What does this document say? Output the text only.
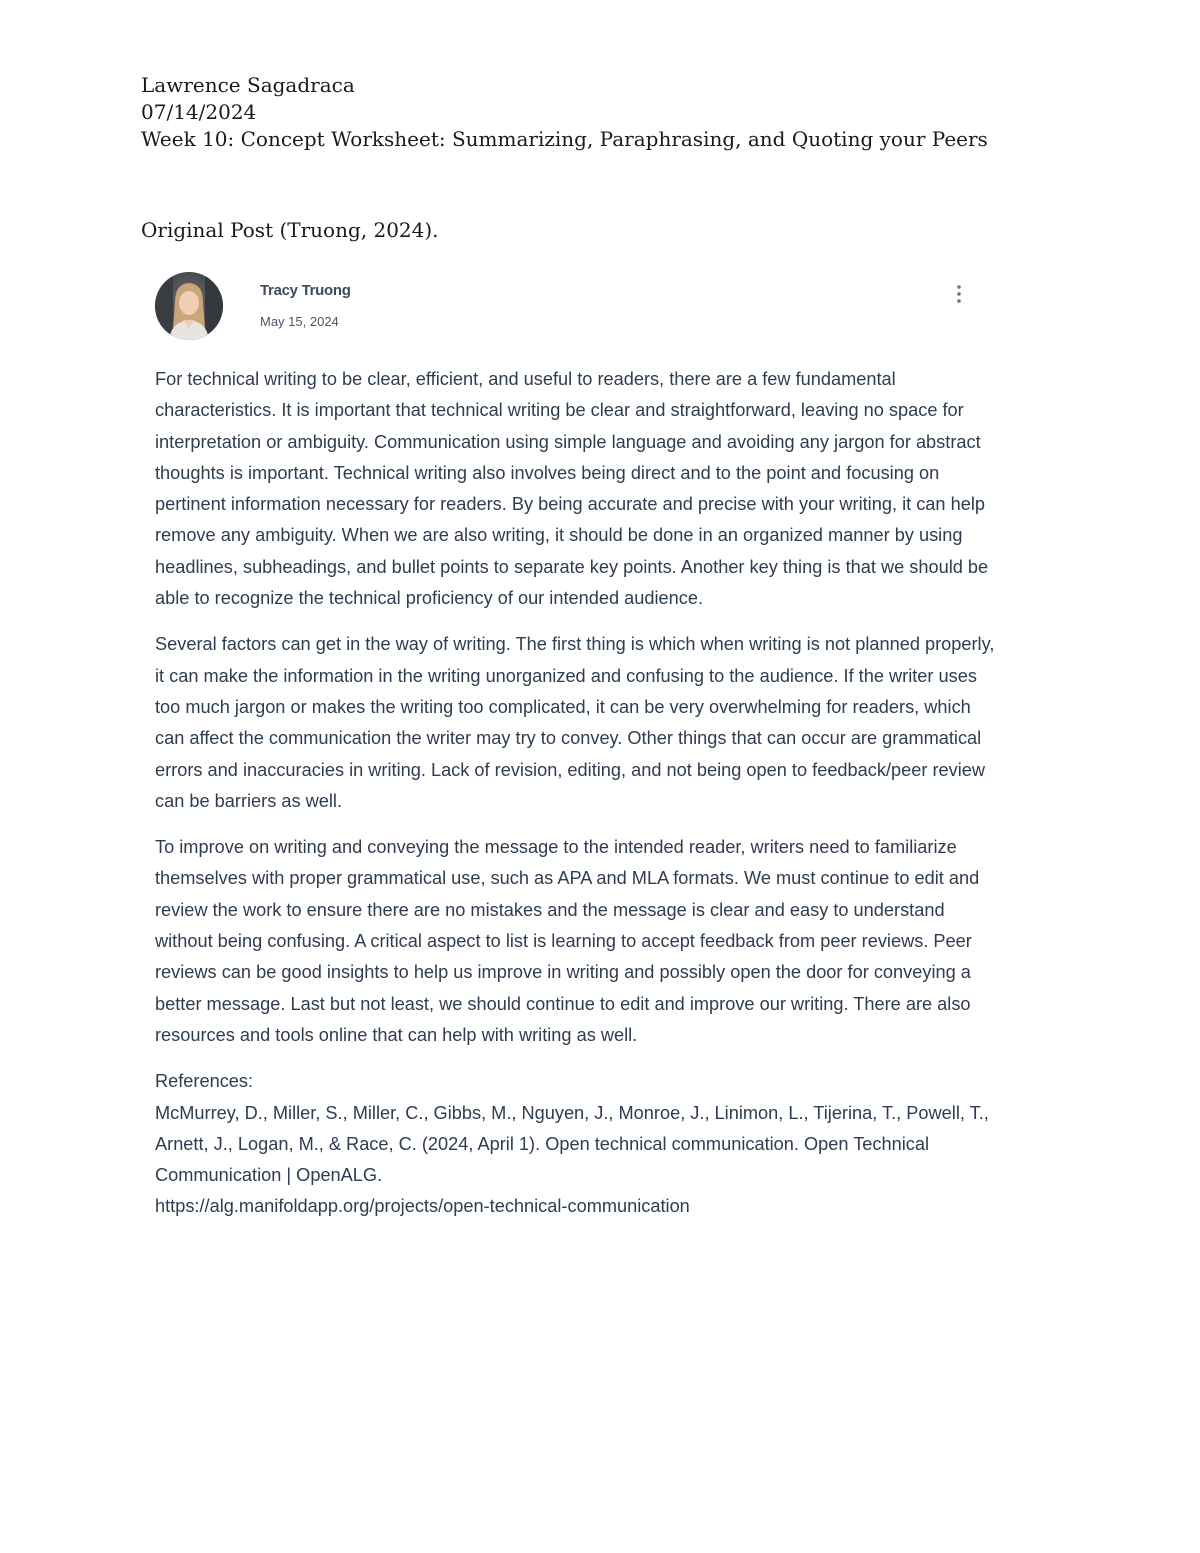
Lawrence Sagadraca
07/14/2024
Week 10: Concept Worksheet: Summarizing, Paraphrasing, and Quoting your Peers
Original Post (Truong, 2024).
Tracy Truong
May 15, 2024

For technical writing to be clear, efficient, and useful to readers, there are a few fundamental characteristics. It is important that technical writing be clear and straightforward, leaving no space for interpretation or ambiguity. Communication using simple language and avoiding any jargon for abstract thoughts is important. Technical writing also involves being direct and to the point and focusing on pertinent information necessary for readers. By being accurate and precise with your writing, it can help remove any ambiguity. When we are also writing, it should be done in an organized manner by using headlines, subheadings, and bullet points to separate key points. Another key thing is that we should be able to recognize the technical proficiency of our intended audience.

Several factors can get in the way of writing. The first thing is which when writing is not planned properly, it can make the information in the writing unorganized and confusing to the audience. If the writer uses too much jargon or makes the writing too complicated, it can be very overwhelming for readers, which can affect the communication the writer may try to convey. Other things that can occur are grammatical errors and inaccuracies in writing. Lack of revision, editing, and not being open to feedback/peer review can be barriers as well.

To improve on writing and conveying the message to the intended reader, writers need to familiarize themselves with proper grammatical use, such as APA and MLA formats. We must continue to edit and review the work to ensure there are no mistakes and the message is clear and easy to understand without being confusing. A critical aspect to list is learning to accept feedback from peer reviews. Peer reviews can be good insights to help us improve in writing and possibly open the door for conveying a better message. Last but not least, we should continue to edit and improve our writing. There are also resources and tools online that can help with writing as well.

References:
McMurrey, D., Miller, S., Miller, C., Gibbs, M., Nguyen, J., Monroe, J., Linimon, L., Tijerina, T., Powell, T., Arnett, J., Logan, M., & Race, C. (2024, April 1). Open technical communication. Open Technical Communication | OpenALG.
https://alg.manifoldapp.org/projects/open-technical-communication
